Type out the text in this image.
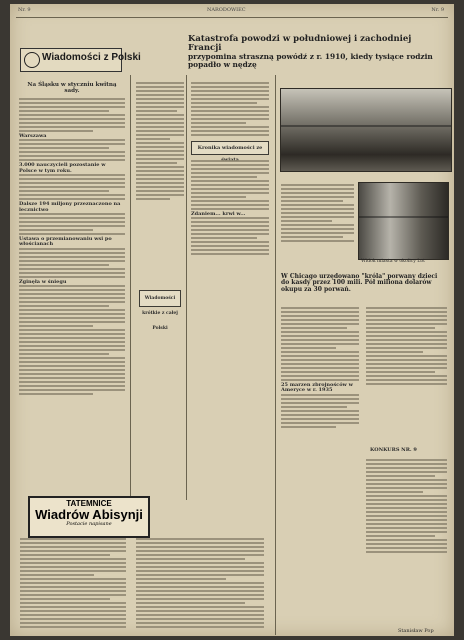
Nr. 9	NARODOWIEC	Nr. 9
Wiadomości z Polski
Katastrofa powodzi w południowej i zachodniej Francji
przypomina straszną powódź z r. 1910, kiedy tysiące rodzin popadło w nędzę
Na Śląsku w styczniu kwitną sady.
Warszawa
3.000 nauczycieli pozostanie w Polsce w tym roku.
Dalsze 194 miljony przeznaczono na lecznictwo
Ustawa o przemianowaniu wsi po włościanach
Zginęła w śniegu
Kronika wiadomości ze
Zdaniem... krwi w...
Widok miasta w okolicy Lot
W Chicago urzędowano "króla" porwany dzieci do kasdy przez 100 mili. Pół miliona dolarów okupu za 30 porwań.
25 marzen zbrojnośców w Ameryce w r. 1935
KONKURS NR. 9
Stanisław Pop
TATEMNICE
Wiadrów Abisynji
Postacie napisane
Wiadomości krótkie z całej Polski
